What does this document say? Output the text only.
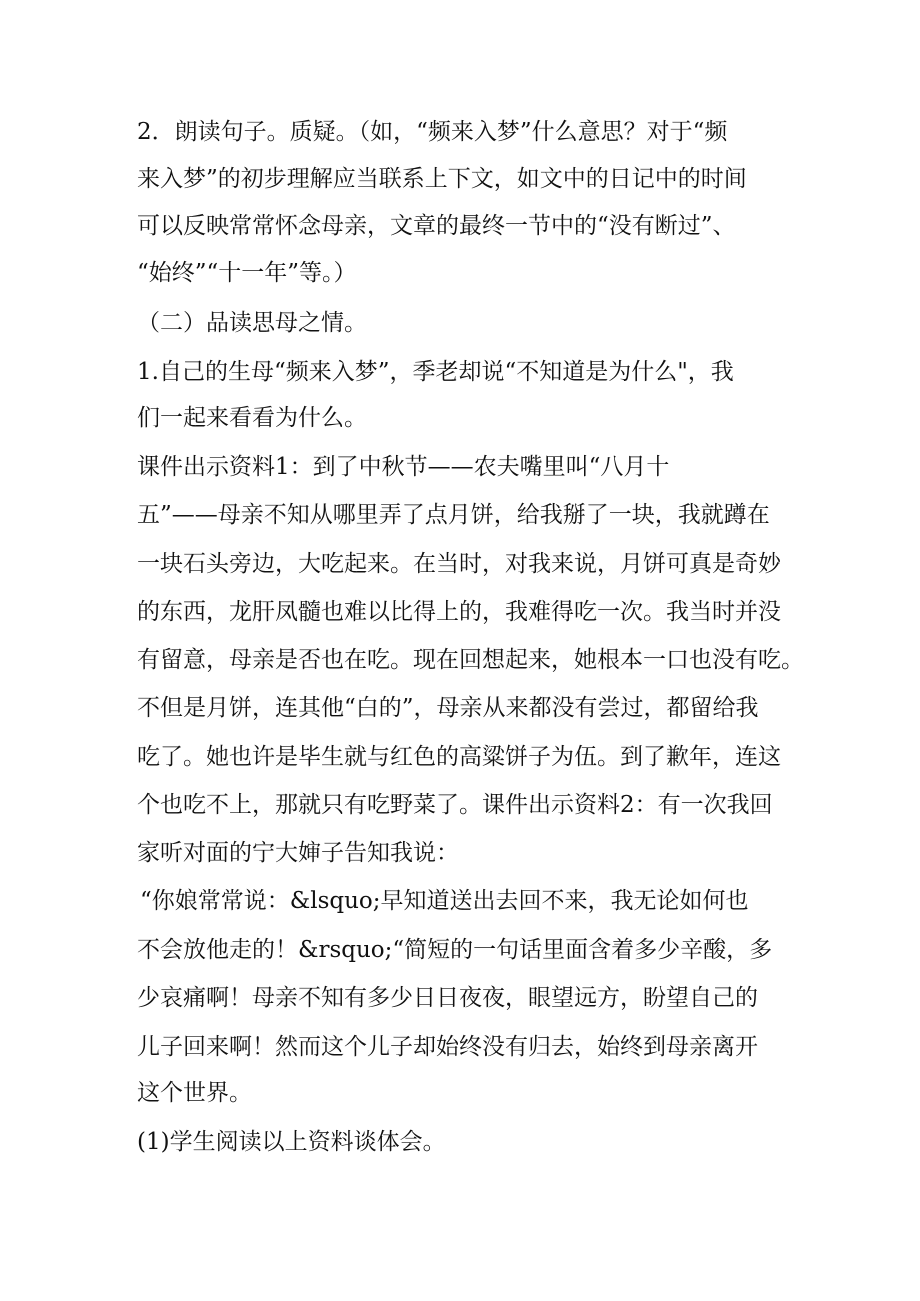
2．朗读句子。质疑。（如，“频来入梦”什么意思？对于“频
来入梦”的初步理解应当联系上下文，如文中的日记中的时间
可以反映常常怀念母亲，文章的最终一节中的“没有断过”、
“始终”“十一年”等。）
（二）品读思母之情。
1.自己的生母“频来入梦”，季老却说“不知道是为什么"，我
们一起来看看为什么。
课件出示资料1：到了中秋节——农夫嘴里叫“八月十
五”——母亲不知从哪里弄了点月饼，给我掰了一块，我就蹲在
一块石头旁边，大吃起来。在当时，对我来说，月饼可真是奇妙
的东西，龙肝凤髓也难以比得上的，我难得吃一次。我当时并没
有留意，母亲是否也在吃。现在回想起来，她根本一口也没有吃。
不但是月饼，连其他“白的”，母亲从来都没有尝过，都留给我
吃了。她也许是毕生就与红色的高粱饼子为伍。到了歉年，连这
个也吃不上，那就只有吃野菜了。课件出示资料2：有一次我回
家听对面的宁大婶子告知我说：
“你娘常常说：&lsquo;早知道送出去回不来，我无论如何也
不会放他走的！&rsquo;“简短的一句话里面含着多少辛酸，多
少哀痛啊！母亲不知有多少日日夜夜，眼望远方，盼望自己的
儿子回来啊！然而这个儿子却始终没有归去，始终到母亲离开
这个世界。
(1)学生阅读以上资料谈体会。
